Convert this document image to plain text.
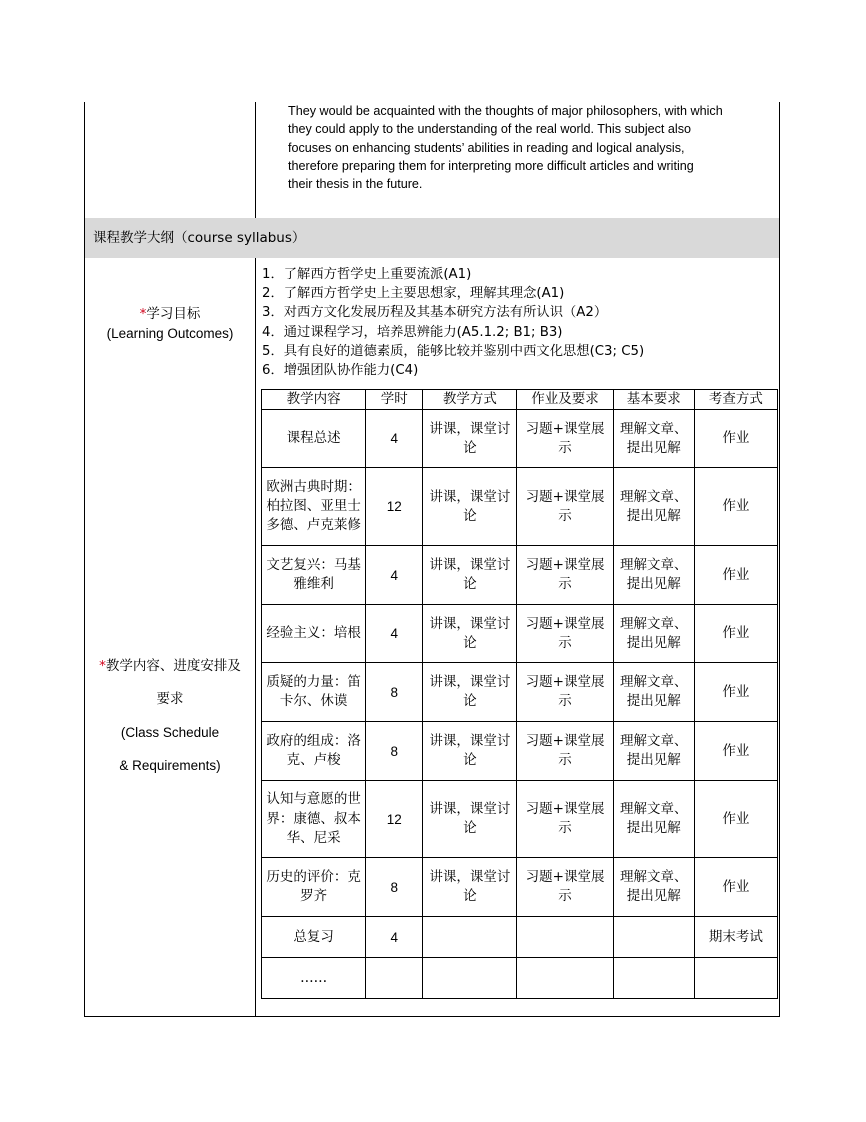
They would be acquainted with the thoughts of major philosophers, with which
they could apply to the understanding of the real world. This subject also
focuses on enhancing students’ abilities in reading and logical analysis,
therefore preparing them for interpreting more difficult articles and writing
their thesis in the future.
课程教学大纲（course syllabus）
*学习目标
(Learning Outcomes)
1．了解西方哲学史上重要流派(A1)
2．了解西方哲学史上主要思想家，理解其理念(A1)
3．对西方文化发展历程及其基本研究方法有所认识（A2）
4．通过课程学习，培养思辨能力(A5.1.2; B1; B3)
5．具有良好的道德素质，能够比较并鉴别中西文化思想(C3; C5)
6．增强团队协作能力(C4)
*教学内容、进度安排及
要求
(Class Schedule
& Requirements)
教学内容	学时	教学方式	作业及要求	基本要求	考查方式
课程总述	4	讲课，课堂讨论	习题+课堂展示	理解文章、提出见解	作业
欧洲古典时期：柏拉图、亚里士多德、卢克莱修	12	讲课，课堂讨论	习题+课堂展示	理解文章、提出见解	作业
文艺复兴：马基雅维利	4	讲课，课堂讨论	习题+课堂展示	理解文章、提出见解	作业
经验主义：培根	4	讲课，课堂讨论	习题+课堂展示	理解文章、提出见解	作业
质疑的力量：笛卡尔、休谟	8	讲课，课堂讨论	习题+课堂展示	理解文章、提出见解	作业
政府的组成：洛克、卢梭	8	讲课，课堂讨论	习题+课堂展示	理解文章、提出见解	作业
认知与意愿的世界：康德、叔本华、尼采	12	讲课，课堂讨论	习题+课堂展示	理解文章、提出见解	作业
历史的评价：克罗齐	8	讲课，课堂讨论	习题+课堂展示	理解文章、提出见解	作业
总复习	4				期末考试
……					
